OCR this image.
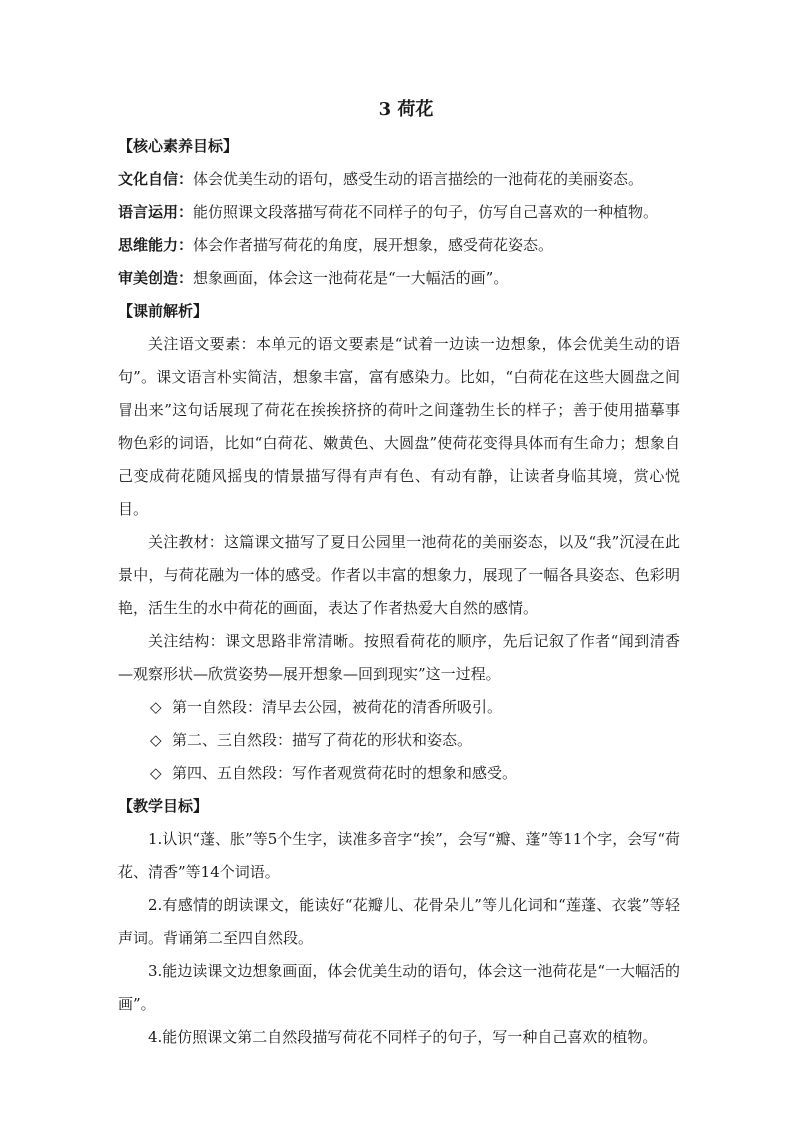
3 荷花
【核心素养目标】
文化自信：体会优美生动的语句，感受生动的语言描绘的一池荷花的美丽姿态。
语言运用：能仿照课文段落描写荷花不同样子的句子，仿写自己喜欢的一种植物。
思维能力：体会作者描写荷花的角度，展开想象，感受荷花姿态。
审美创造：想象画面，体会这一池荷花是“一大幅活的画”。
【课前解析】
关注语文要素：本单元的语文要素是“试着一边读一边想象，体会优美生动的语句”。课文语言朴实简洁，想象丰富，富有感染力。比如，“白荷花在这些大圆盘之间冒出来”这句话展现了荷花在挨挨挤挤的荷叶之间蓬勃生长的样子；善于使用描摹事物色彩的词语，比如“白荷花、嫩黄色、大圆盘”使荷花变得具体而有生命力；想象自己变成荷花随风摇曳的情景描写得有声有色、有动有静，让读者身临其境，赏心悦目。
关注教材：这篇课文描写了夏日公园里一池荷花的美丽姿态，以及“我”沉浸在此景中，与荷花融为一体的感受。作者以丰富的想象力，展现了一幅各具姿态、色彩明艳，活生生的水中荷花的画面，表达了作者热爱大自然的感情。
关注结构：课文思路非常清晰。按照看荷花的顺序，先后记叙了作者“闻到清香—观察形状—欣赏姿势—展开想象—回到现实”这一过程。
◇ 第一自然段：清早去公园，被荷花的清香所吸引。
◇ 第二、三自然段：描写了荷花的形状和姿态。
◇ 第四、五自然段：写作者观赏荷花时的想象和感受。
【教学目标】
1.认识“蓬、胀”等5个生字，读准多音字“挨”，会写“瓣、蓬”等11个字，会写“荷花、清香”等14个词语。
2.有感情的朗读课文，能读好“花瓣儿、花骨朵儿”等儿化词和“莲蓬、衣裳”等轻声词。背诵第二至四自然段。
3.能边读课文边想象画面，体会优美生动的语句，体会这一池荷花是“一大幅活的画”。
4.能仿照课文第二自然段描写荷花不同样子的句子，写一种自己喜欢的植物。
